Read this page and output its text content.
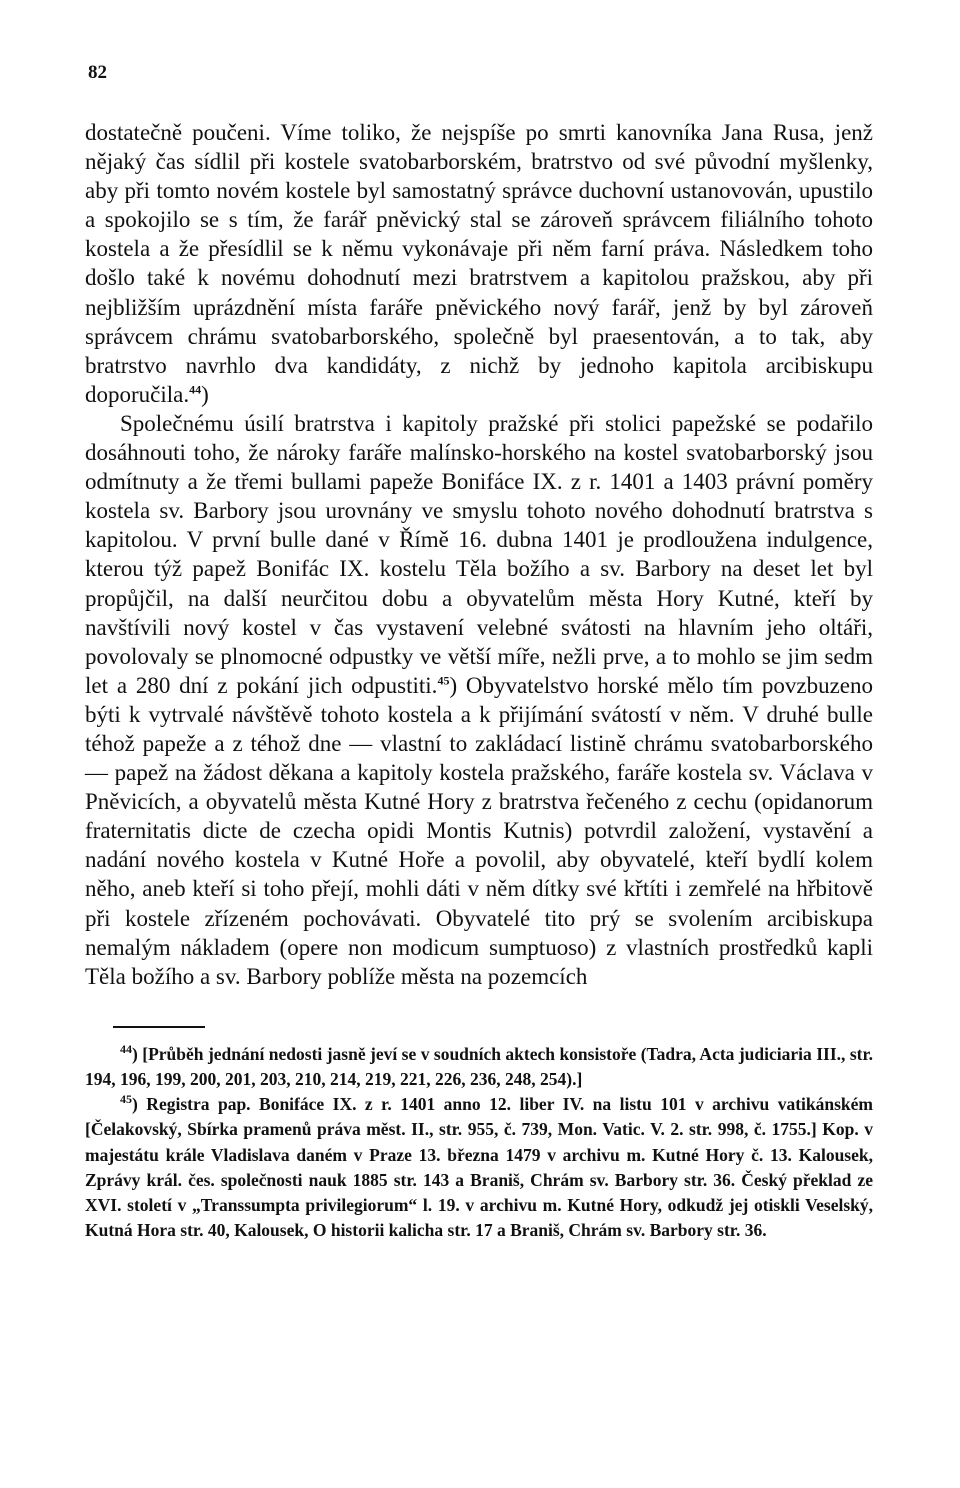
82

dostatečně poučeni. Víme toliko, že nejspíše po smrti kanovníka Jana Rusa, jenž nějaký čas sídlil při kostele svatobarborském, bratrstvo od své původní myšlenky, aby při tomto novém kostele byl samostatný správce duchovní ustanovován, upustilo a spokojilo se s tím, že farář pněvický stal se zároveň správcem filiálního tohoto kostela a že přesídlil se k němu vykonávaje při něm farní práva. Následkem toho došlo také k novému dohodnutí mezi bratrstvem a kapitolou pražskou, aby při nejbližším uprázdnění místa faráře pněvického nový farář, jenž by byl zároveň správcem chrámu svatobarborského, společně byl praesentován, a to tak, aby bratrstvo navrhlo dva kandidáty, z nichž by jednoho kapitola arcibiskupu doporučila.$^{44}$)

Společnému úsilí bratrstva i kapitoly pražské při stolici papežské se podařilo dosáhnouti toho, že nároky faráře malínsko-horského na kostel svatobarborský jsou odmítnuty a že třemi bullami papeže Bonifáce IX. z r. 1401 a 1403 právní poměry kostela sv. Barbory jsou urovnány ve smyslu tohoto nového dohodnutí bratrstva s kapitolou. V první bulle dané v Římě 16. dubna 1401 je prodloužena indulgence, kterou týž papež Bonifác IX. kostelu Těla božího a sv. Barbory na deset let byl propůjčil, na další neurčitou dobu a obyvatelům města Hory Kutné, kteří by navštívili nový kostel v čas vystavení velebné svátosti na hlavním jeho oltáři, povolovaly se plnomocné odpustky ve větší míře, nežli prve, a to mohlo se jim sedm let a 280 dní z pokání jich odpustiti.$^{45}$) Obyvatelstvo horské mělo tím povzbuzeno býti k vytrvalé návštěvě tohoto kostela a k přijímání svátostí v něm. V druhé bulle téhož papeže a z téhož dne — vlastní to zakládací listině chrámu svatobarborského — papež na žádost děkana a kapitoly kostela pražského, faráře kostela sv. Václava v Pněvicích, a obyvatelů města Kutné Hory z bratrstva řečeného z cechu (opidanorum fraternitatis dicte de czecha opidi Montis Kutnis) potvrdil založení, vystavění a nadání nového kostela v Kutné Hoře a povolil, aby obyvatelé, kteří bydlí kolem něho, aneb kteří si toho přejí, mohli dáti v něm dítky své křtíti i zemřelé na hřbitově při kostele zřízeném pochovávati. Obyvatelé tito prý se svolením arcibiskupa nemalým nákladem (opere non modicum sumptuoso) z vlastních prostředků kapli Těla božího a sv. Barbory poblíže města na pozemcích

$^{44}$) [Průběh jednání nedosti jasně jeví se v soudních aktech konsistoře (Tadra, Acta judiciaria III., str. 194, 196, 199, 200, 201, 203, 210, 214, 219, 221, 226, 236, 248, 254).]

$^{45}$) Registra pap. Bonifáce IX. z r. 1401 anno 12. liber IV. na listu 101 v archivu vatikánském [Čelakovský, Sbírka pramenů práva měst. II., str. 955, č. 739, Mon. Vatic. V. 2. str. 998, č. 1755.] Kop. v majestátu krále Vladislava daném v Praze 13. března 1479 v archivu m. Kutné Hory č. 13. Kalousek, Zprávy král. čes. společnosti nauk 1885 str. 143 a Braniš, Chrám sv. Barbory str. 36. Český překlad ze XVI. století v „Transsumpta privilegiorum“ l. 19. v archivu m. Kutné Hory, odkudž jej otiskli Veselský, Kutná Hora str. 40, Kalousek, O historii kalicha str. 17 a Braniš, Chrám sv. Barbory str. 36.
